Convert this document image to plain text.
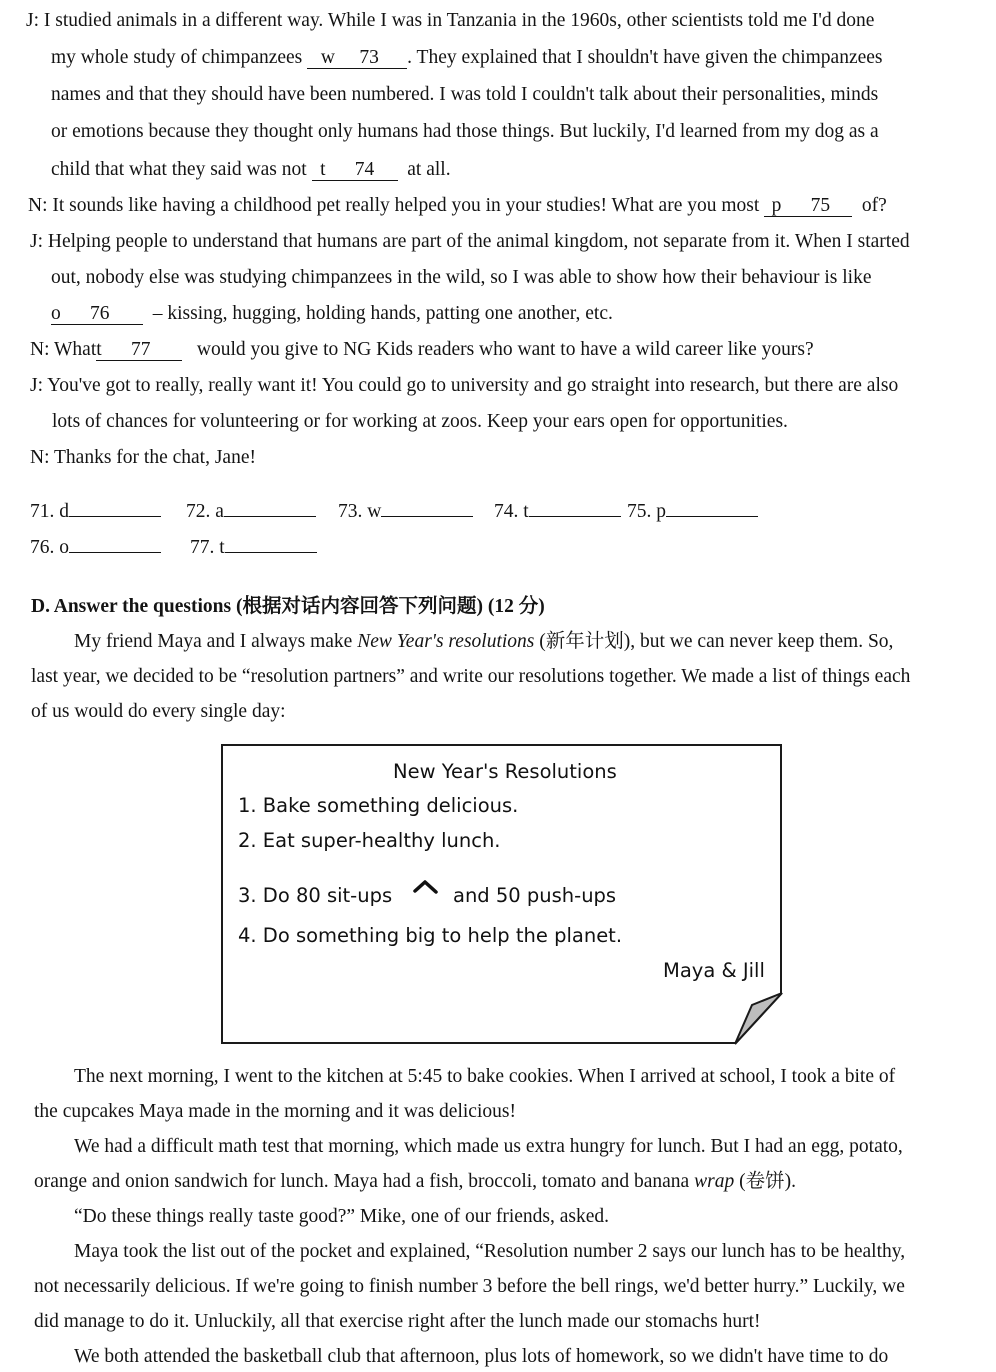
J: I studied animals in a different way. While I was in Tanzania in the 1960s, other scientists told me I'd done
my whole study of chimpanzees w 73 . They explained that I shouldn't have given the chimpanzees
names and that they should have been numbered. I was told I couldn't talk about their personalities, minds
or emotions because they thought only humans had those things. But luckily, I'd learned from my dog as a
child that what they said was not t 74 at all.
N: It sounds like having a childhood pet really helped you in your studies! What are you most p 75 of?
J: Helping people to understand that humans are part of the animal kingdom, not separate from it. When I started
out, nobody else was studying chimpanzees in the wild, so I was able to show how their behaviour is like
o 76 – kissing, hugging, holding hands, patting one another, etc.
N: Whatt 77 would you give to NG Kids readers who want to have a wild career like yours?
J: You've got to really, really want it! You could go to university and go straight into research, but there are also
lots of chances for volunteering or for working at zoos. Keep your ears open for opportunities.
N: Thanks for the chat, Jane!
71. d	72. a	73. w	74. t	75. p
76. o	77. t
D. Answer the questions (根据对话内容回答下列问题) (12 分)
My friend Maya and I always make New Year's resolutions (新年计划), but we can never keep them. So,
last year, we decided to be “resolution partners” and write our resolutions together. We made a list of things each
of us would do every single day:
New Year's Resolutions
1. Bake something delicious.
2. Eat super-healthy lunch.
3. Do 80 sit-ups	and 50 push-ups
4. Do something big to help the planet.
Maya & Jill
The next morning, I went to the kitchen at 5:45 to bake cookies. When I arrived at school, I took a bite of
the cupcakes Maya made in the morning and it was delicious!
We had a difficult math test that morning, which made us extra hungry for lunch. But I had an egg, potato,
orange and onion sandwich for lunch. Maya had a fish, broccoli, tomato and banana wrap (卷饼).
“Do these things really taste good?” Mike, one of our friends, asked.
Maya took the list out of the pocket and explained, “Resolution number 2 says our lunch has to be healthy,
not necessarily delicious. If we're going to finish number 3 before the bell rings, we'd better hurry.” Luckily, we
did manage to do it. Unluckily, all that exercise right after the lunch made our stomachs hurt!
We both attended the basketball club that afternoon, plus lots of homework, so we didn't have time to do
